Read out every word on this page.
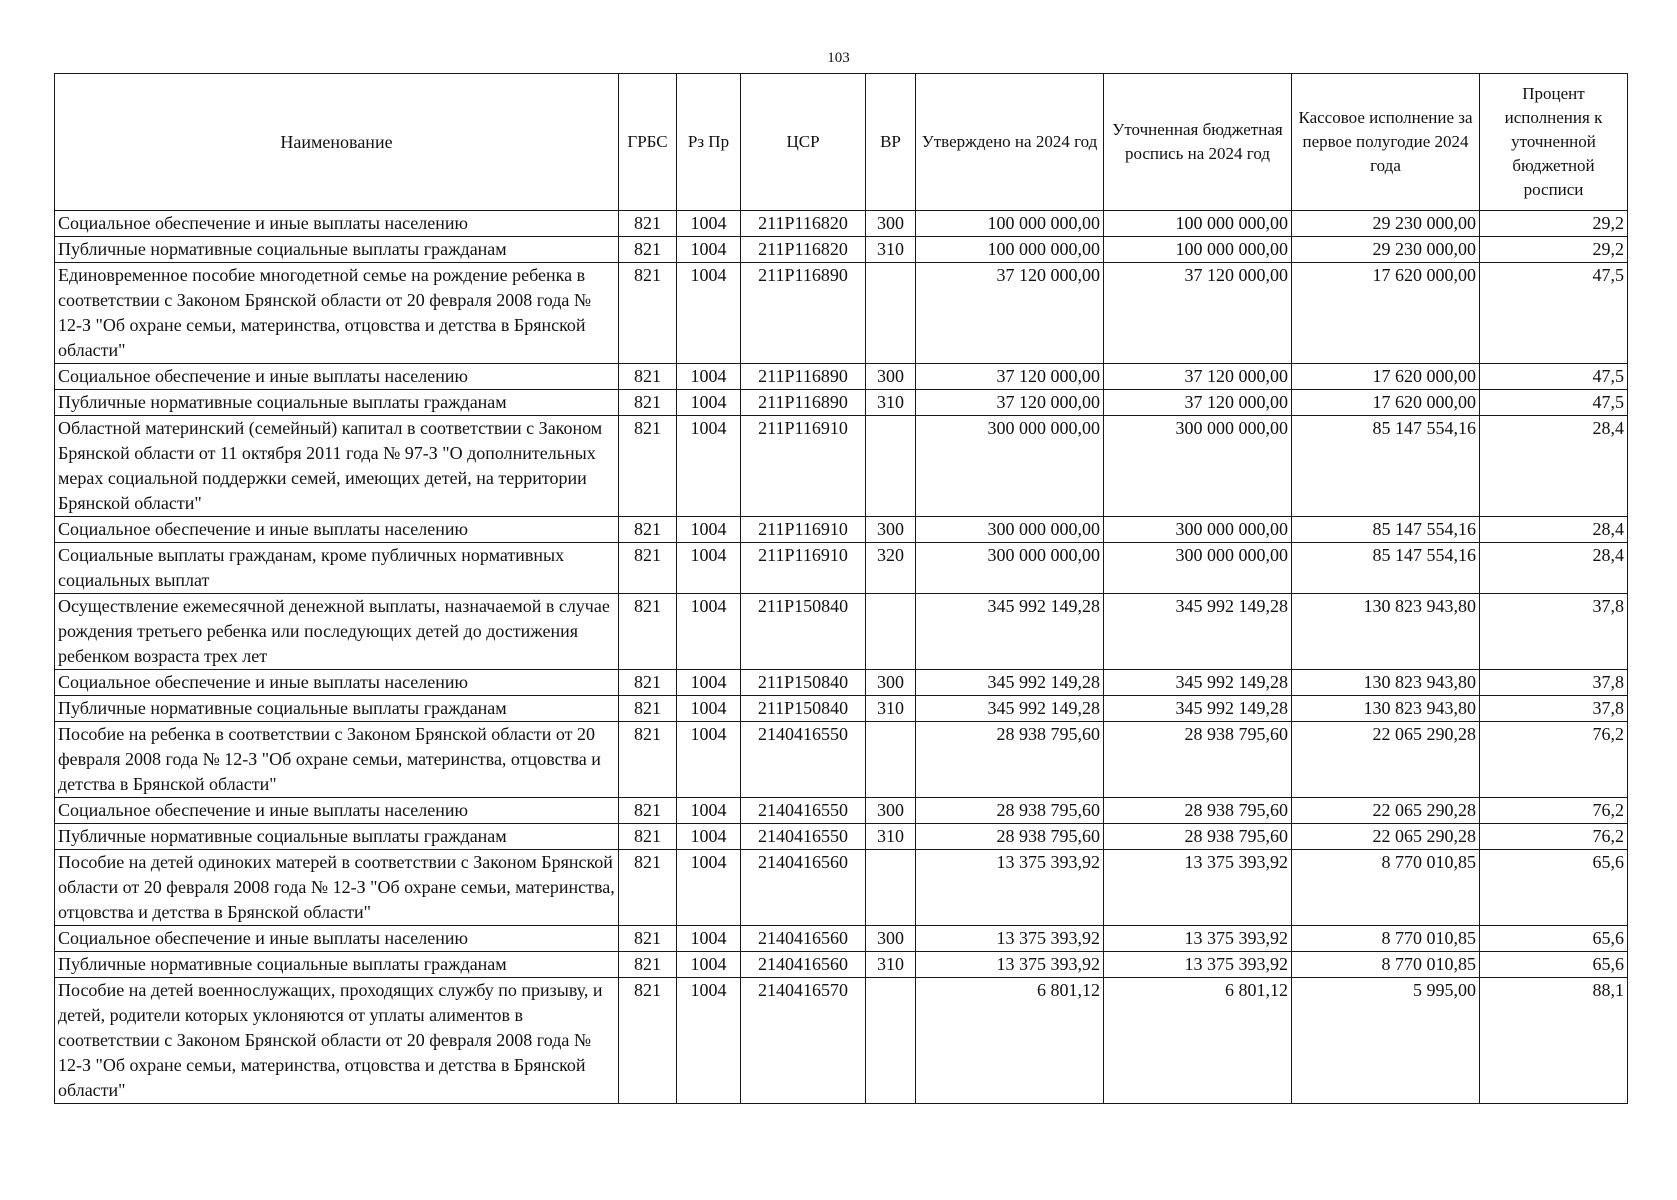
103
Наименование	ГРБС	Рз Пр	ЦСР	ВР	Утверждено на 2024 год	Уточненная бюджетная роспись на 2024 год	Кассовое исполнение за первое полугодие 2024 года	Процент исполнения к уточненной бюджетной росписи
Социальное обеспечение и иные выплаты населению	821	1004	211P116820	300	100 000 000,00	100 000 000,00	29 230 000,00	29,2
Публичные нормативные социальные выплаты гражданам	821	1004	211P116820	310	100 000 000,00	100 000 000,00	29 230 000,00	29,2
Единовременное пособие многодетной семье на рождение ребенка в соответствии с Законом Брянской области от 20 февраля 2008 года № 12-З "Об охране семьи, материнства, отцовства и детства в Брянской области"	821	1004	211P116890		37 120 000,00	37 120 000,00	17 620 000,00	47,5
Социальное обеспечение и иные выплаты населению	821	1004	211P116890	300	37 120 000,00	37 120 000,00	17 620 000,00	47,5
Публичные нормативные социальные выплаты гражданам	821	1004	211P116890	310	37 120 000,00	37 120 000,00	17 620 000,00	47,5
Областной материнский (семейный) капитал в соответствии с Законом Брянской области от 11 октября 2011 года № 97-З "О дополнительных мерах социальной поддержки семей, имеющих детей, на территории Брянской области"	821	1004	211P116910		300 000 000,00	300 000 000,00	85 147 554,16	28,4
Социальное обеспечение и иные выплаты населению	821	1004	211P116910	300	300 000 000,00	300 000 000,00	85 147 554,16	28,4
Социальные выплаты гражданам, кроме публичных нормативных социальных выплат	821	1004	211P116910	320	300 000 000,00	300 000 000,00	85 147 554,16	28,4
Осуществление ежемесячной денежной выплаты, назначаемой в случае рождения третьего ребенка или последующих детей до достижения ребенком возраста трех лет	821	1004	211P150840		345 992 149,28	345 992 149,28	130 823 943,80	37,8
Социальное обеспечение и иные выплаты населению	821	1004	211P150840	300	345 992 149,28	345 992 149,28	130 823 943,80	37,8
Публичные нормативные социальные выплаты гражданам	821	1004	211P150840	310	345 992 149,28	345 992 149,28	130 823 943,80	37,8
Пособие на ребенка в соответствии с Законом Брянской области от 20 февраля 2008 года № 12-З "Об охране семьи, материнства, отцовства и детства в Брянской области"	821	1004	2140416550		28 938 795,60	28 938 795,60	22 065 290,28	76,2
Социальное обеспечение и иные выплаты населению	821	1004	2140416550	300	28 938 795,60	28 938 795,60	22 065 290,28	76,2
Публичные нормативные социальные выплаты гражданам	821	1004	2140416550	310	28 938 795,60	28 938 795,60	22 065 290,28	76,2
Пособие на детей одиноких матерей в соответствии с Законом Брянской области от 20 февраля 2008 года № 12-З "Об охране семьи, материнства, отцовства и детства в Брянской области"	821	1004	2140416560		13 375 393,92	13 375 393,92	8 770 010,85	65,6
Социальное обеспечение и иные выплаты населению	821	1004	2140416560	300	13 375 393,92	13 375 393,92	8 770 010,85	65,6
Публичные нормативные социальные выплаты гражданам	821	1004	2140416560	310	13 375 393,92	13 375 393,92	8 770 010,85	65,6
Пособие на детей военнослужащих, проходящих службу по призыву, и детей, родители которых уклоняются от уплаты алиментов в соответствии с Законом Брянской области от 20 февраля 2008 года № 12-З "Об охране семьи, материнства, отцовства и детства в Брянской области"	821	1004	2140416570		6 801,12	6 801,12	5 995,00	88,1
